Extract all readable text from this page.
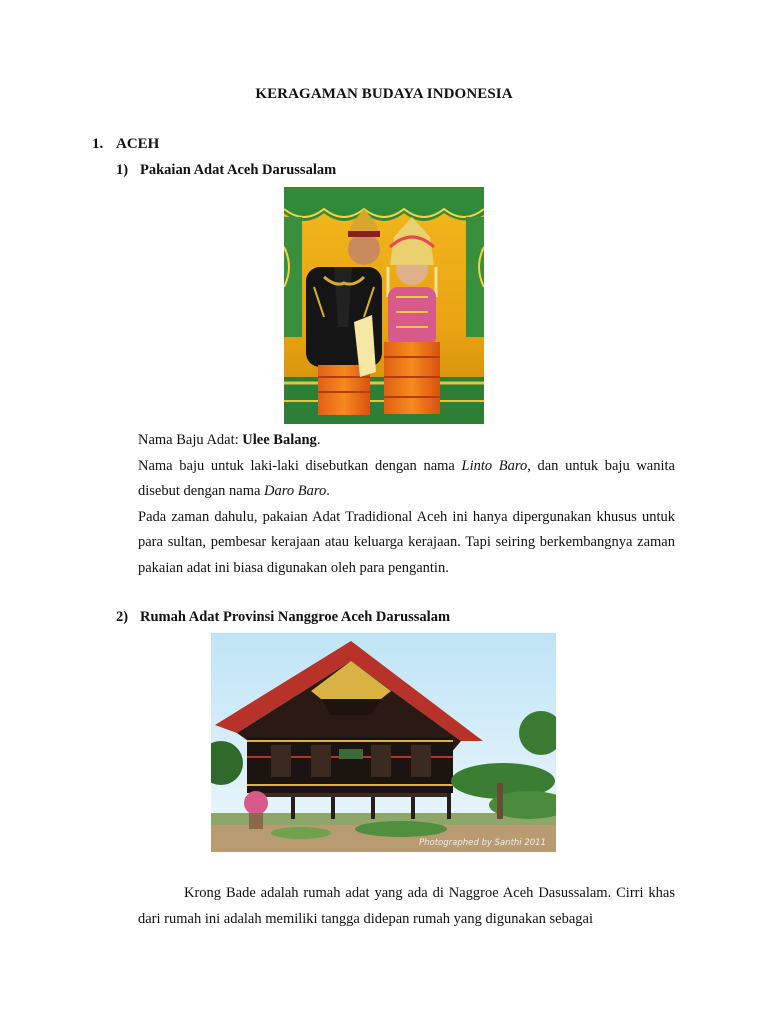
KERAGAMAN BUDAYA INDONESIA
1. ACEH
1) Pakaian Adat Aceh Darussalam

Nama Baju Adat: Ulee Balang.

Nama baju untuk laki-laki disebutkan dengan nama Linto Baro, dan untuk baju wanita disebut dengan nama Daro Baro.

Pada zaman dahulu, pakaian Adat Tradidional Aceh ini hanya dipergunakan khusus untuk para sultan, pembesar kerajaan atau keluarga kerajaan. Tapi seiring berkembangnya zaman pakaian adat ini biasa digunakan oleh para pengantin.

2) Rumah Adat Provinsi Nanggroe Aceh Darussalam
Photographed by Santhi 2011

Krong Bade adalah rumah adat yang ada di Naggroe Aceh Dasussalam. Cirri khas dari rumah ini adalah memiliki tangga didepan rumah yang digunakan sebagai
